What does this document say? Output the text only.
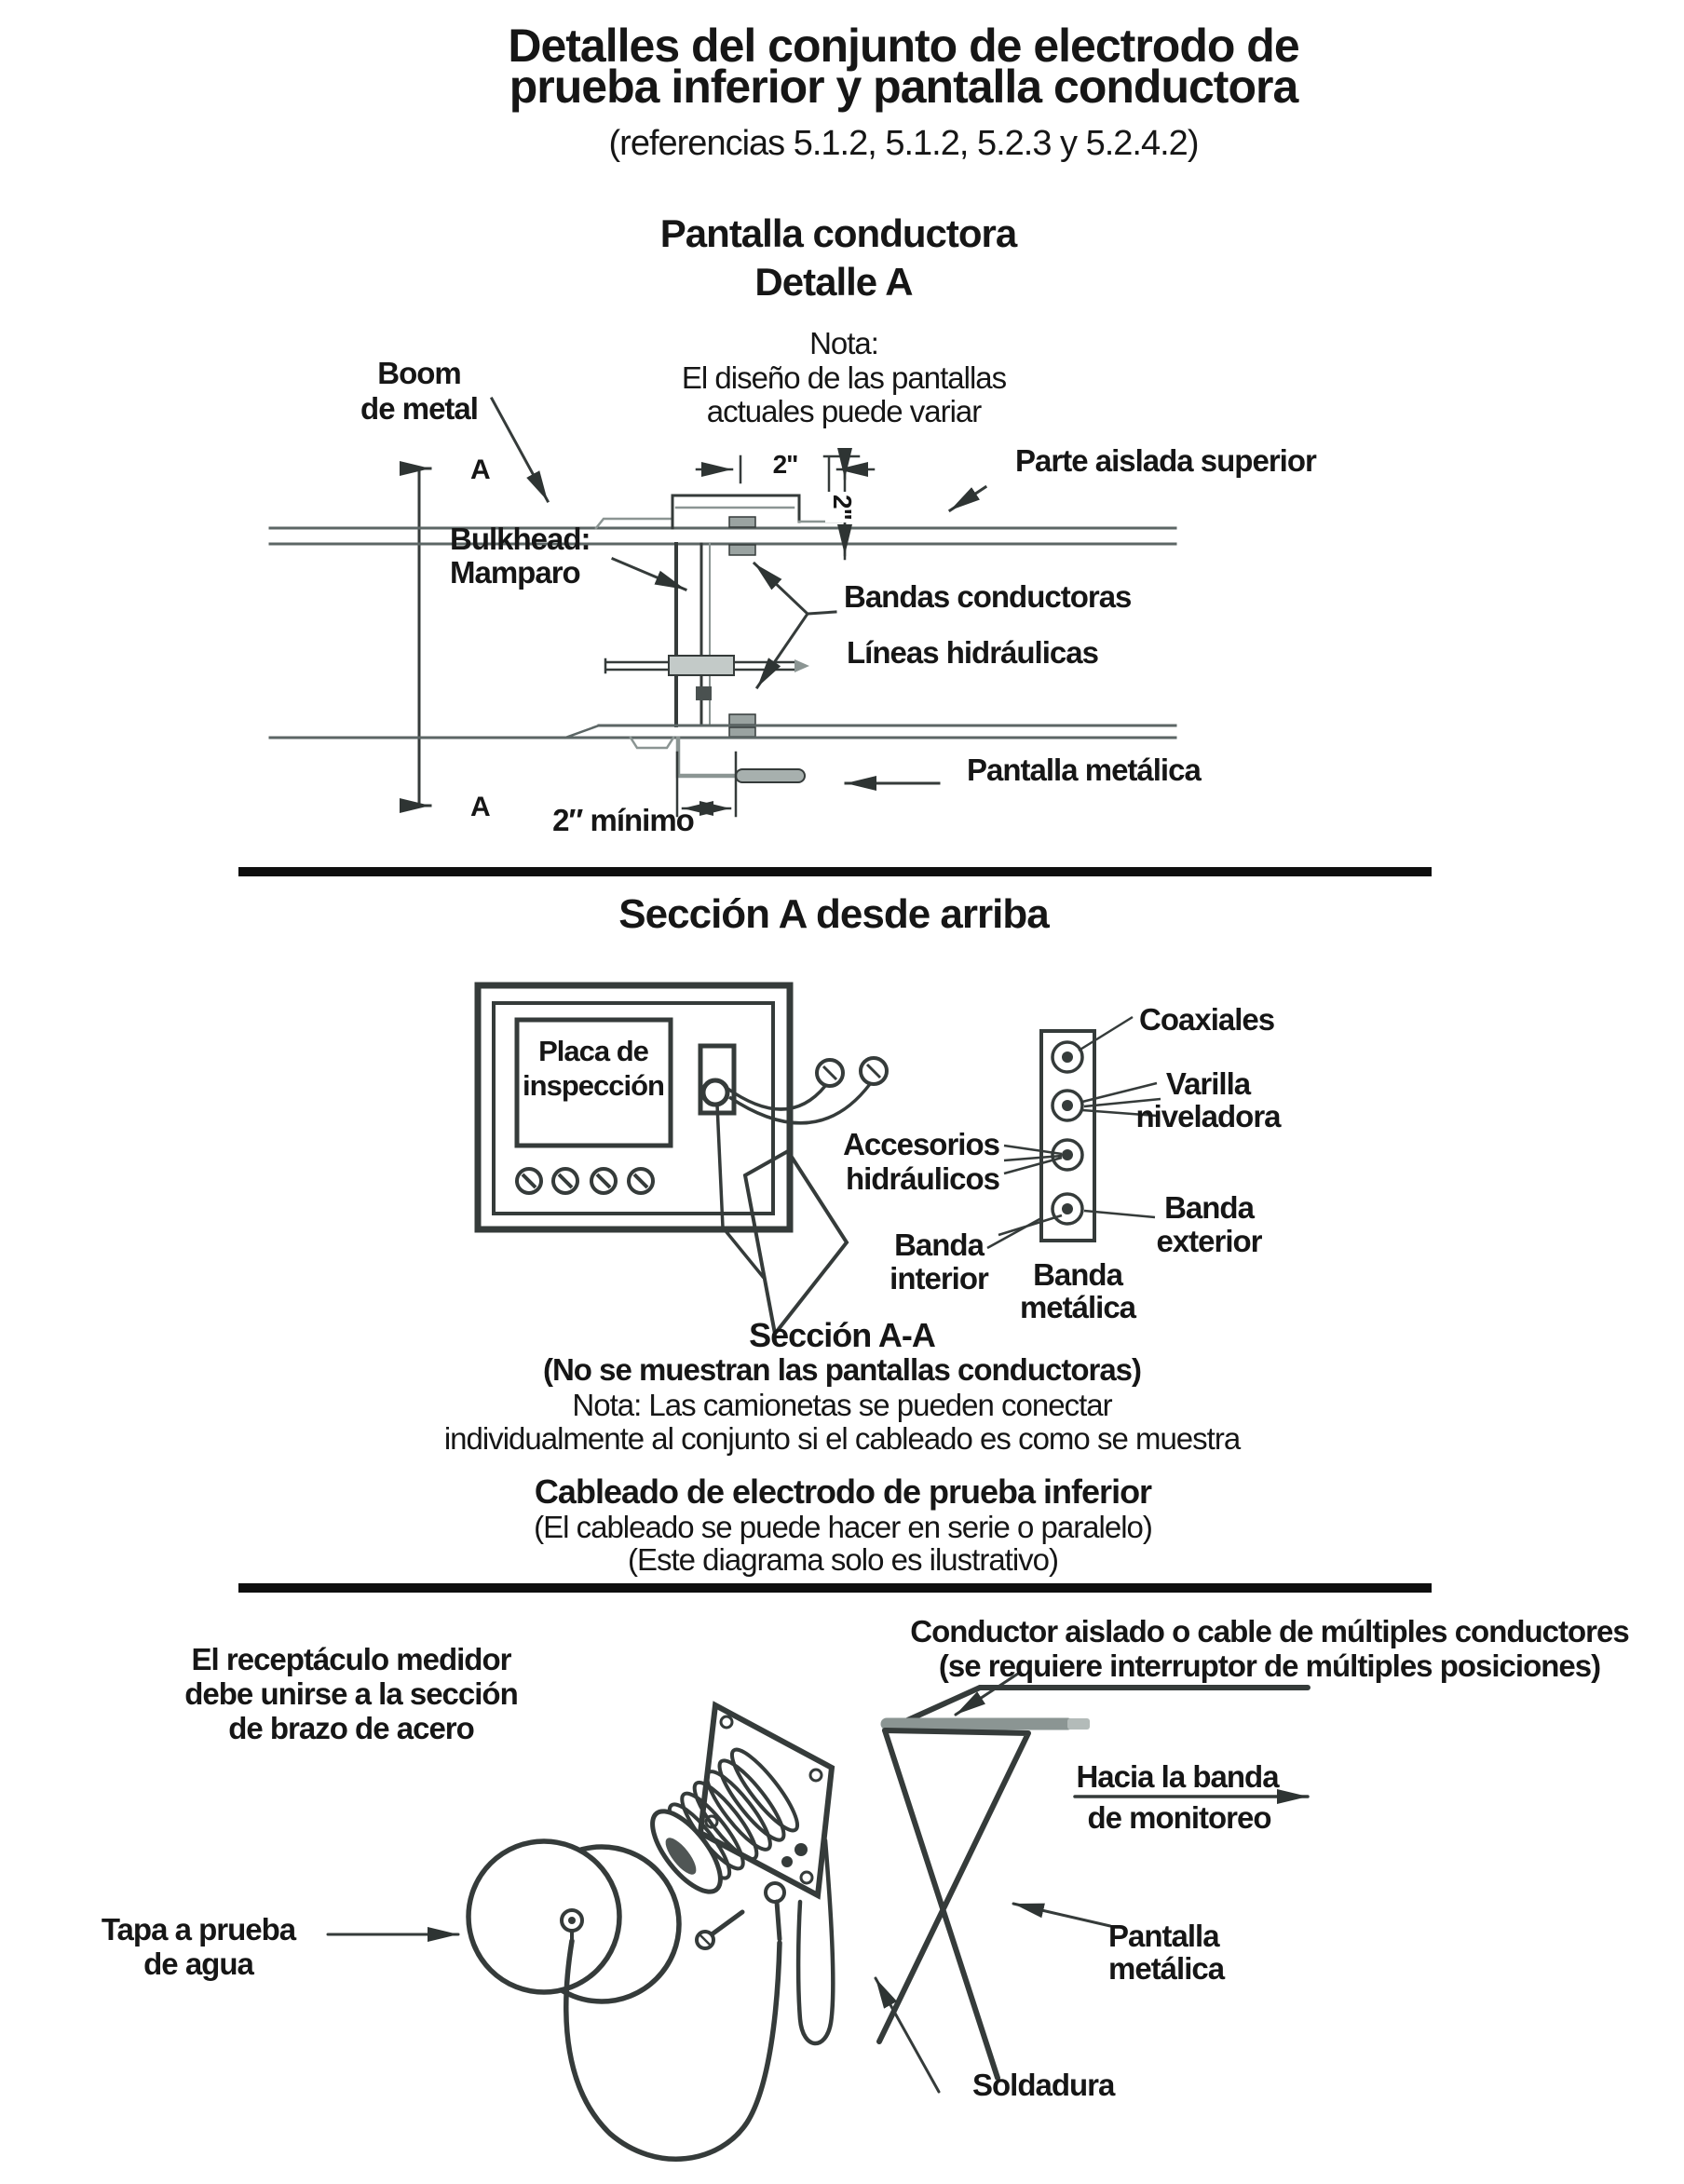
Detalles del conjunto de electrodo de
prueba inferior y pantalla conductora
(referencias 5.1.2, 5.1.2, 5.2.3 y 5.2.4.2)
Pantalla conductora
Detalle A
Nota:
El diseño de las pantallas
actuales puede variar
Boom
de metal
A
A
2"
2"
Bulkhead:
Mamparo
Parte aislada superior
Bandas conductoras
Líneas hidráulicas
Pantalla metálica
2″ mínimo
Sección A desde arriba
Placa de
inspección
Coaxiales
Varilla
niveladora
Accesorios
hidráulicos
Banda
interior Banda
metálica
Banda
exterior
Sección A-A
(No se muestran las pantallas conductoras)
Nota: Las camionetas se pueden conectar
individualmente al conjunto si el cableado es como se muestra
Cableado de electrodo de prueba inferior
(El cableado se puede hacer en serie o paralelo)
(Este diagrama solo es ilustrativo)
El receptáculo medidor
debe unirse a la sección
de brazo de acero
Conductor aislado o cable de múltiples conductores
(se requiere interruptor de múltiples posiciones)
Hacia la banda
de monitoreo
Tapa a prueba
de agua
Pantalla
metálica
Soldadura
